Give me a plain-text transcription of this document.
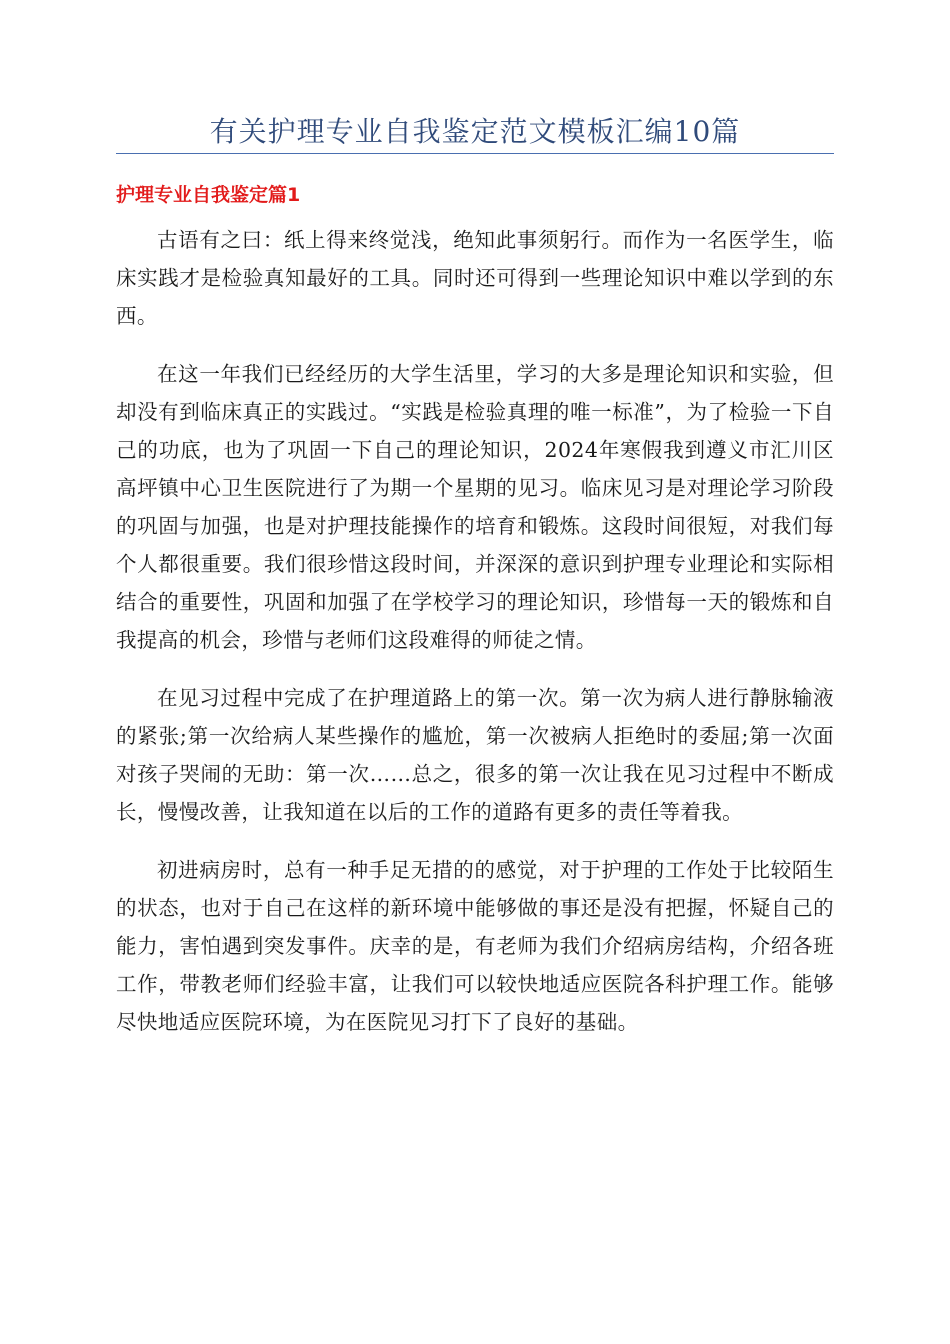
有关护理专业自我鉴定范文模板汇编10篇
护理专业自我鉴定篇1

古语有之曰：纸上得来终觉浅，绝知此事须躬行。而作为一名医学生，临床实践才是检验真知最好的工具。同时还可得到一些理论知识中难以学到的东西。

在这一年我们已经经历的大学生活里，学习的大多是理论知识和实验，但却没有到临床真正的实践过。“实践是检验真理的唯一标准”，为了检验一下自己的功底，也为了巩固一下自己的理论知识，2024年寒假我到遵义市汇川区高坪镇中心卫生医院进行了为期一个星期的见习。临床见习是对理论学习阶段的巩固与加强，也是对护理技能操作的培育和锻炼。这段时间很短，对我们每个人都很重要。我们很珍惜这段时间，并深深的意识到护理专业理论和实际相结合的重要性，巩固和加强了在学校学习的理论知识，珍惜每一天的锻炼和自我提高的机会，珍惜与老师们这段难得的师徒之情。

在见习过程中完成了在护理道路上的第一次。第一次为病人进行静脉输液的紧张;第一次给病人某些操作的尴尬，第一次被病人拒绝时的委屈;第一次面对孩子哭闹的无助：第一次……总之，很多的第一次让我在见习过程中不断成长，慢慢改善，让我知道在以后的工作的道路有更多的责任等着我。

初进病房时，总有一种手足无措的的感觉，对于护理的工作处于比较陌生的状态，也对于自己在这样的新环境中能够做的事还是没有把握，怀疑自己的能力，害怕遇到突发事件。庆幸的是，有老师为我们介绍病房结构，介绍各班工作，带教老师们经验丰富，让我们可以较快地适应医院各科护理工作。能够尽快地适应医院环境，为在医院见习打下了良好的基础。
